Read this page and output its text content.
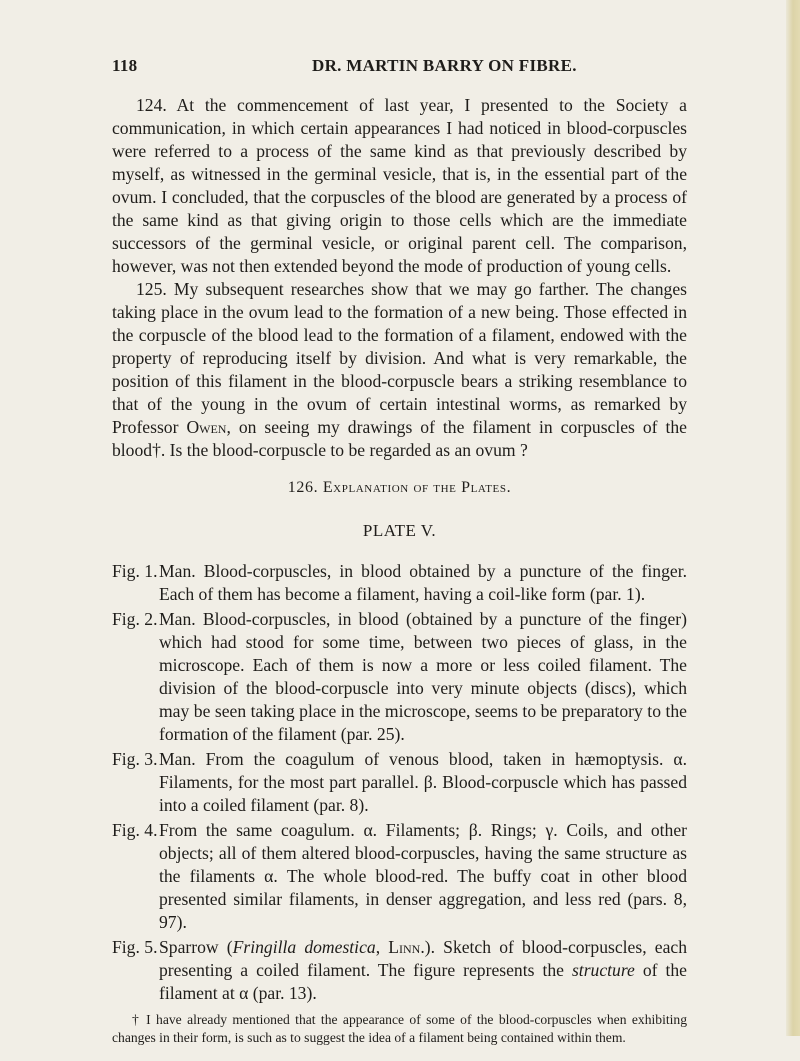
118	DR. MARTIN BARRY ON FIBRE.

124. At the commencement of last year, I presented to the Society a communication, in which certain appearances I had noticed in blood-corpuscles were referred to a process of the same kind as that previously described by myself, as witnessed in the germinal vesicle, that is, in the essential part of the ovum. I concluded, that the corpuscles of the blood are generated by a process of the same kind as that giving origin to those cells which are the immediate successors of the germinal vesicle, or original parent cell. The comparison, however, was not then extended beyond the mode of production of young cells.

125. My subsequent researches show that we may go farther. The changes taking place in the ovum lead to the formation of a new being. Those effected in the corpuscle of the blood lead to the formation of a filament, endowed with the property of reproducing itself by division. And what is very remarkable, the position of this filament in the blood-corpuscle bears a striking resemblance to that of the young in the ovum of certain intestinal worms, as remarked by Professor Owen, on seeing my drawings of the filament in corpuscles of the blood†. Is the blood-corpuscle to be regarded as an ovum ?

126. Explanation of the Plates.
PLATE V.
Fig. 1. Man. Blood-corpuscles, in blood obtained by a puncture of the finger. Each of them has become a filament, having a coil-like form (par. 1).
Fig. 2. Man. Blood-corpuscles, in blood (obtained by a puncture of the finger) which had stood for some time, between two pieces of glass, in the microscope. Each of them is now a more or less coiled filament. The division of the blood-corpuscle into very minute objects (discs), which may be seen taking place in the microscope, seems to be preparatory to the formation of the filament (par. 25).
Fig. 3. Man. From the coagulum of venous blood, taken in hæmoptysis. α. Filaments, for the most part parallel. β. Blood-corpuscle which has passed into a coiled filament (par. 8).
Fig. 4. From the same coagulum. α. Filaments; β. Rings; γ. Coils, and other objects; all of them altered blood-corpuscles, having the same structure as the filaments α. The whole blood-red. The buffy coat in other blood presented similar filaments, in denser aggregation, and less red (pars. 8, 97).
Fig. 5. Sparrow (Fringilla domestica, Linn.). Sketch of blood-corpuscles, each presenting a coiled filament. The figure represents the structure of the filament at α (par. 13).

† I have already mentioned that the appearance of some of the blood-corpuscles when exhibiting changes in their form, is such as to suggest the idea of a filament being contained within them.
